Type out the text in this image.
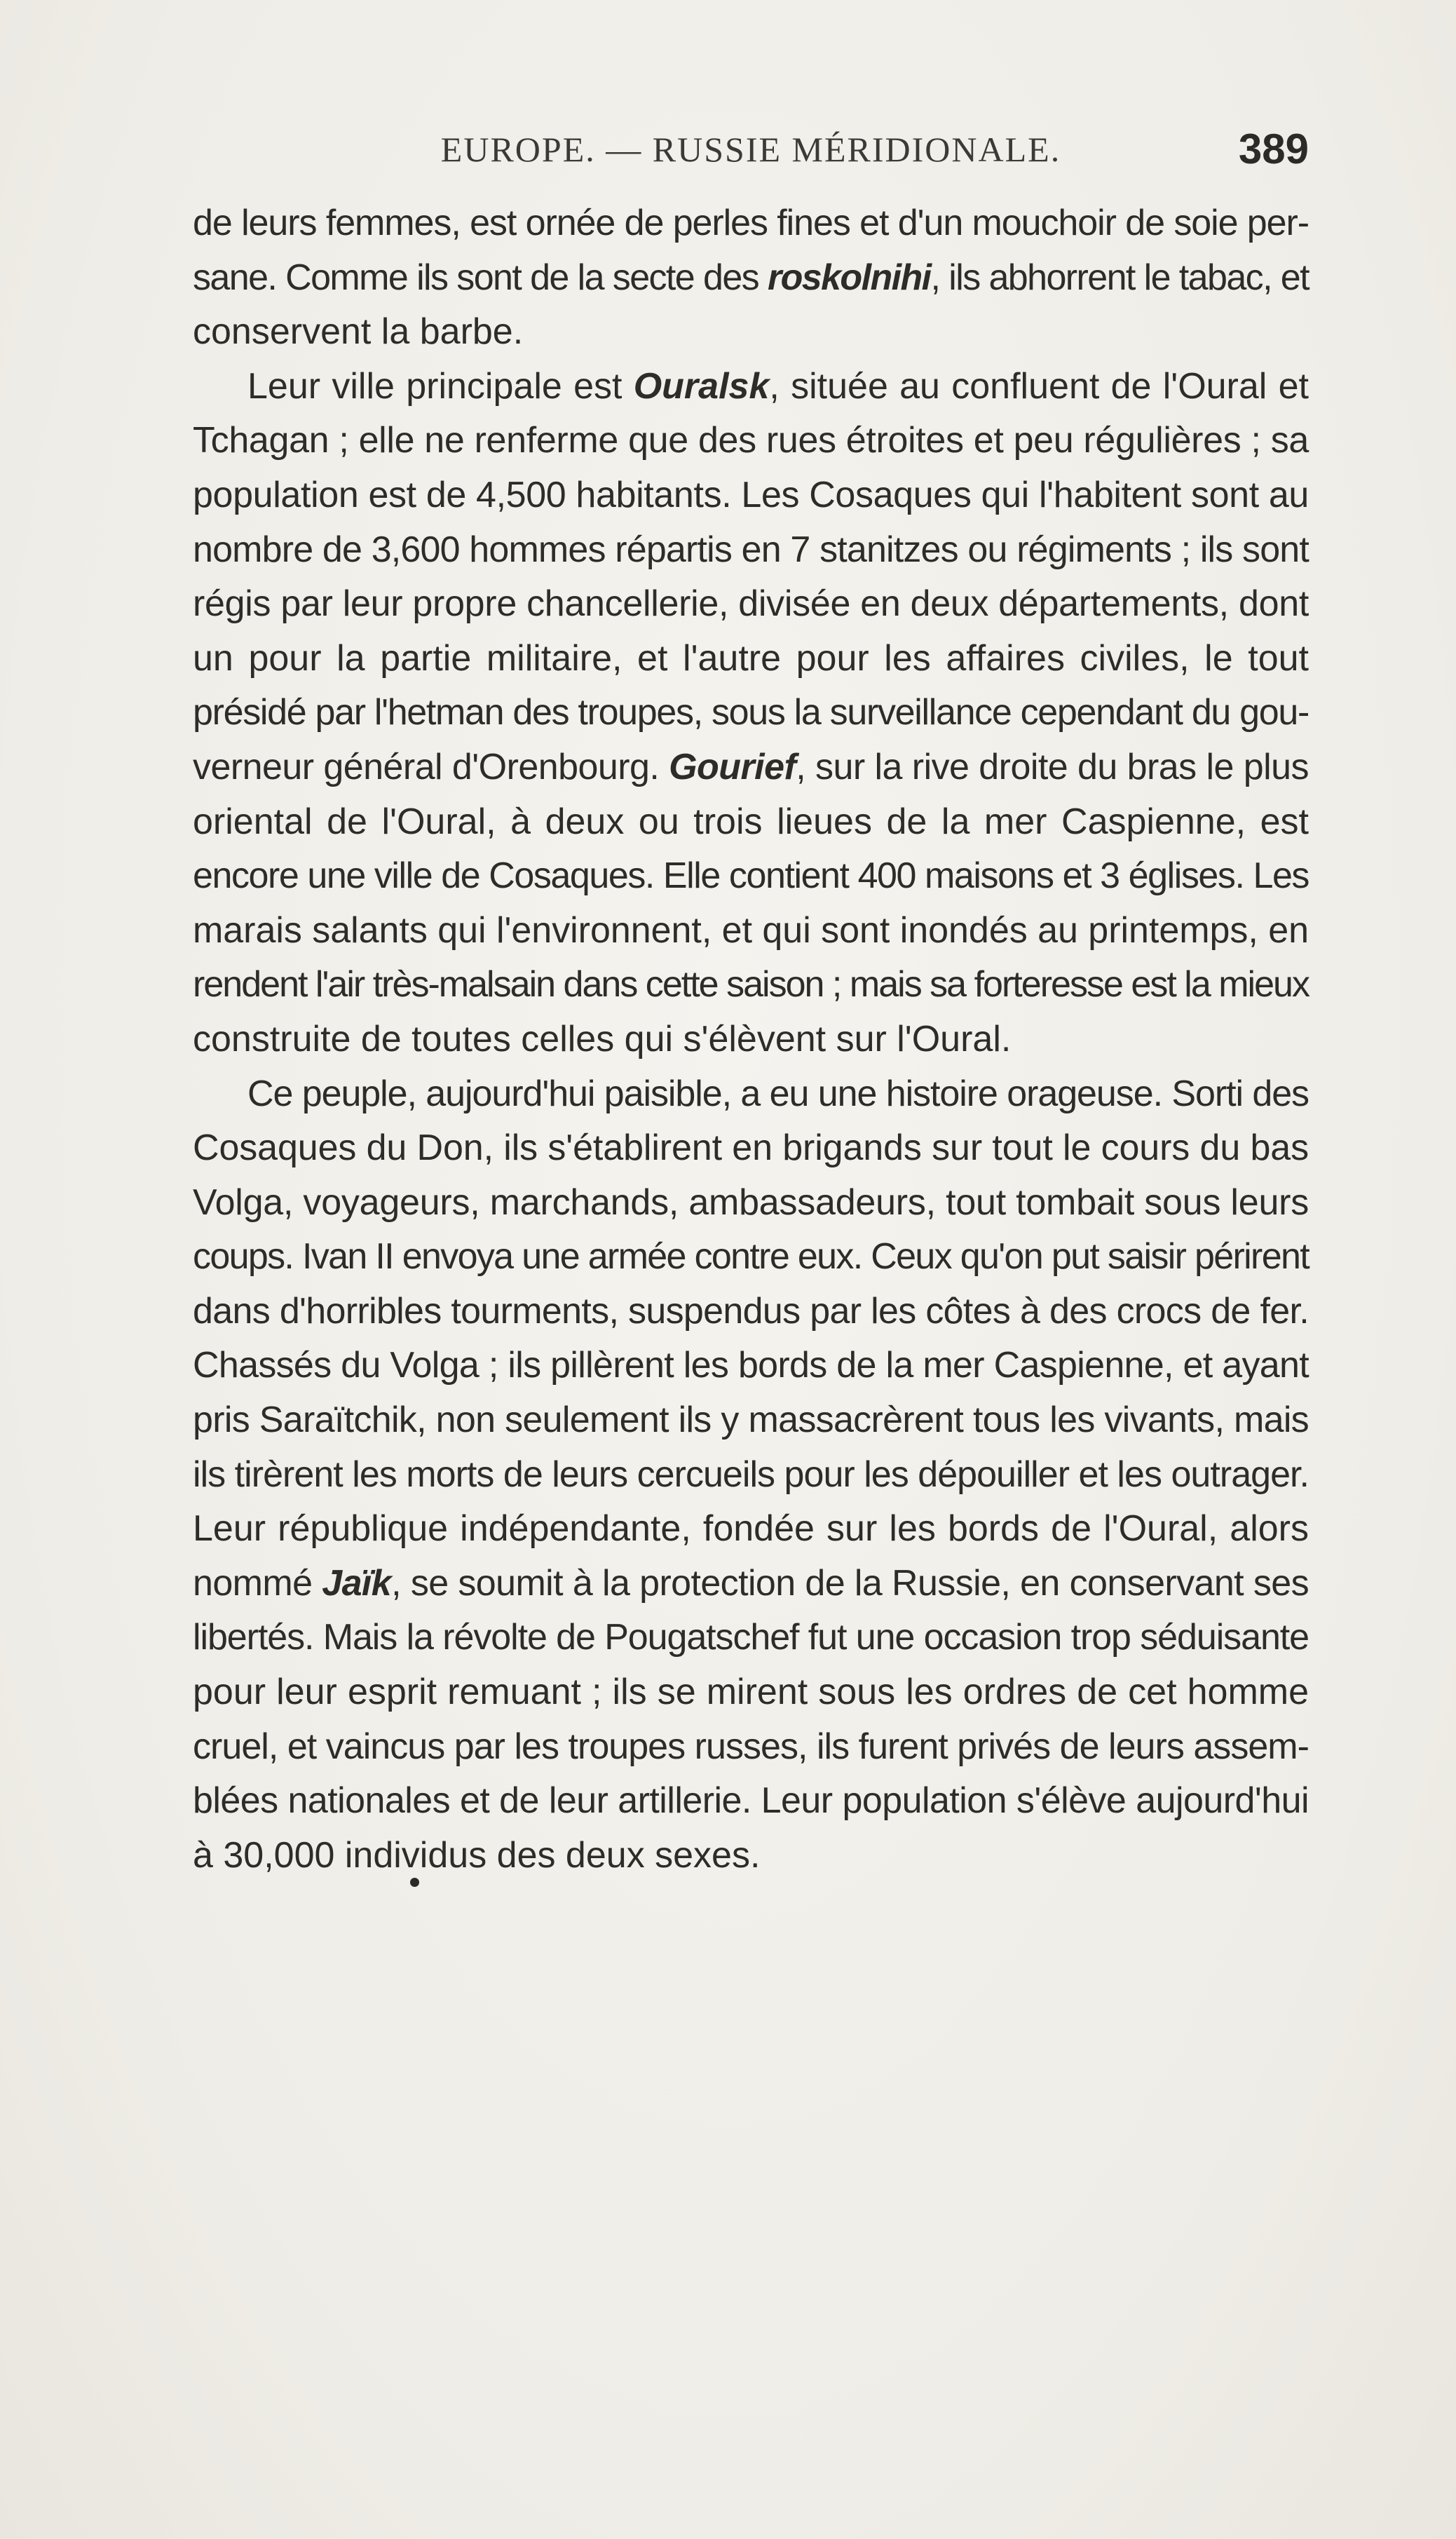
EUROPE. — RUSSIE MÉRIDIONALE.	389
de leurs femmes, est ornée de perles fines et d'un mouchoir de soie per-
sane. Comme ils sont de la secte des roskolnihi, ils abhorrent le tabac, et
conservent la barbe.
Leur ville principale est Ouralsk, située au confluent de l'Oural et
Tchagan ; elle ne renferme que des rues étroites et peu régulières ; sa
population est de 4,500 habitants. Les Cosaques qui l'habitent sont au
nombre de 3,600 hommes répartis en 7 stanitzes ou régiments ; ils sont
régis par leur propre chancellerie, divisée en deux départements, dont
un pour la partie militaire, et l'autre pour les affaires civiles, le tout
présidé par l'hetman des troupes, sous la surveillance cependant du gou-
verneur général d'Orenbourg. Gourief, sur la rive droite du bras le plus
oriental de l'Oural, à deux ou trois lieues de la mer Caspienne, est
encore une ville de Cosaques. Elle contient 400 maisons et 3 églises. Les
marais salants qui l'environnent, et qui sont inondés au printemps, en
rendent l'air très-malsain dans cette saison ; mais sa forteresse est la mieux
construite de toutes celles qui s'élèvent sur l'Oural.
Ce peuple, aujourd'hui paisible, a eu une histoire orageuse. Sorti des
Cosaques du Don, ils s'établirent en brigands sur tout le cours du bas
Volga, voyageurs, marchands, ambassadeurs, tout tombait sous leurs
coups. Ivan II envoya une armée contre eux. Ceux qu'on put saisir périrent
dans d'horribles tourments, suspendus par les côtes à des crocs de fer.
Chassés du Volga ; ils pillèrent les bords de la mer Caspienne, et ayant
pris Saraïtchik, non seulement ils y massacrèrent tous les vivants, mais
ils tirèrent les morts de leurs cercueils pour les dépouiller et les outrager.
Leur république indépendante, fondée sur les bords de l'Oural, alors
nommé Jaïk, se soumit à la protection de la Russie, en conservant ses
libertés. Mais la révolte de Pougatschef fut une occasion trop séduisante
pour leur esprit remuant ; ils se mirent sous les ordres de cet homme
cruel, et vaincus par les troupes russes, ils furent privés de leurs assem-
blées nationales et de leur artillerie. Leur population s'élève aujourd'hui
à 30,000 individus des deux sexes.
